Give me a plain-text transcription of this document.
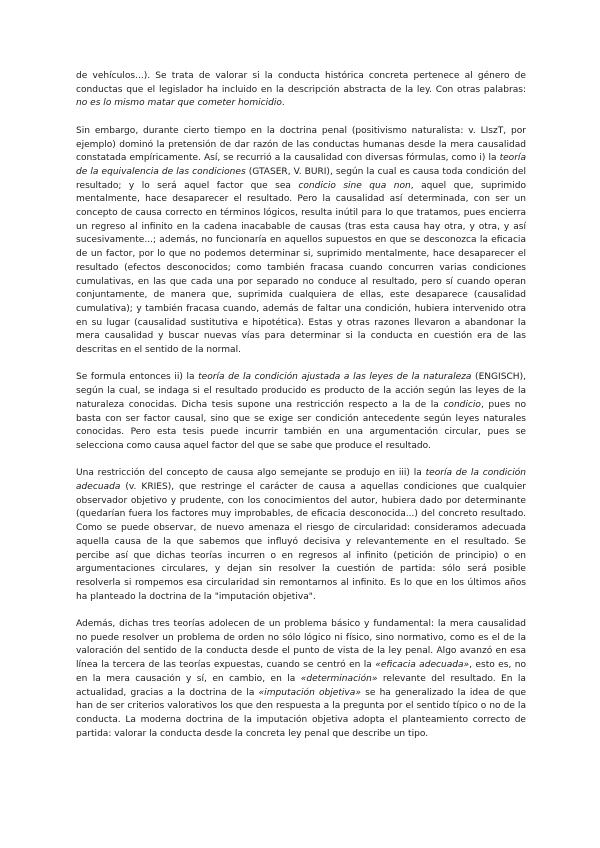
de vehículos...). Se trata de valorar si la conducta histórica concreta pertenece al género de conductas que el legislador ha incluido en la descripción abstracta de la ley. Con otras palabras: no es lo mismo matar que cometer homicidio.

Sin embargo, durante cierto tiempo en la doctrina penal (positivismo naturalista: v. LIszT, por ejemplo) dominó la pretensión de dar razón de las conductas humanas desde la mera causalidad constatada empíricamente. Así, se recurrió a la causalidad con diversas fórmulas, como i) la teoría de la equivalencia de las condiciones (GTASER, V. BURI), según la cual es causa toda condición del resultado; y lo será aquel factor que sea condicio sine qua non, aquel que, suprimido mentalmente, hace desaparecer el resultado. Pero la causalidad así determinada, con ser un concepto de causa correcto en términos lógicos, resulta inútil para lo que tratamos, pues encierra un regreso al infinito en la cadena inacabable de causas (tras esta causa hay otra, y otra, y así sucesivamente...; además, no funcionaría en aquellos supuestos en que se desconozca la eficacia de un factor, por lo que no podemos determinar si, suprimido mentalmente, hace desaparecer el resultado (efectos desconocidos; como también fracasa cuando concurren varias condiciones cumulativas, en las que cada una por separado no conduce al resultado, pero sí cuando operan conjuntamente, de manera que, suprimida cualquiera de ellas, este desaparece (causalidad cumulativa); y también fracasa cuando, además de faltar una condición, hubiera intervenido otra en su lugar (causalidad sustitutiva e hipotética). Estas y otras razones llevaron a abandonar la mera causalidad y buscar nuevas vías para determinar si la conducta en cuestión era de las descritas en el sentido de la normal.

Se formula entonces ii) la teoría de la condición ajustada a las leyes de la naturaleza (ENGISCH), según la cual, se indaga si el resultado producido es producto de la acción según las leyes de la naturaleza conocidas. Dicha tesis supone una restricción respecto a la de la condicio, pues no basta con ser factor causal, sino que se exige ser condición antecedente según leyes naturales conocidas. Pero esta tesis puede incurrir también en una argumentación circular, pues se selecciona como causa aquel factor del que se sabe que produce el resultado.

Una restricción del concepto de causa algo semejante se produjo en iii) la teoría de la condición adecuada (v. KRIES), que restringe el carácter de causa a aquellas condiciones que cualquier observador objetivo y prudente, con los conocimientos del autor, hubiera dado por determinante (quedarían fuera los factores muy improbables, de eficacia desconocida...) del concreto resultado. Como se puede observar, de nuevo amenaza el riesgo de circularidad: consideramos adecuada aquella causa de la que sabemos que influyó decisiva y relevantemente en el resultado. Se percibe así que dichas teorías incurren o en regresos al infinito (petición de principio) o en argumentaciones circulares, y dejan sin resolver la cuestión de partida: sólo será posible resolverla si rompemos esa circularidad sin remontarnos al infinito. Es lo que en los últimos años ha planteado la doctrina de la "imputación objetiva".

Además, dichas tres teorías adolecen de un problema básico y fundamental: la mera causalidad no puede resolver un problema de orden no sólo lógico ni físico, sino normativo, como es el de la valoración del sentido de la conducta desde el punto de vista de la ley penal. Algo avanzó en esa línea la tercera de las teorías expuestas, cuando se centró en la «eficacia adecuada», esto es, no en la mera causación y sí, en cambio, en la «determinación» relevante del resultado. En la actualidad, gracias a la doctrina de la «imputación objetiva» se ha generalizado la idea de que han de ser criterios valorativos los que den respuesta a la pregunta por el sentido típico o no de la conducta. La moderna doctrina de la imputación objetiva adopta el planteamiento correcto de partida: valorar la conducta desde la concreta ley penal que describe un tipo.
